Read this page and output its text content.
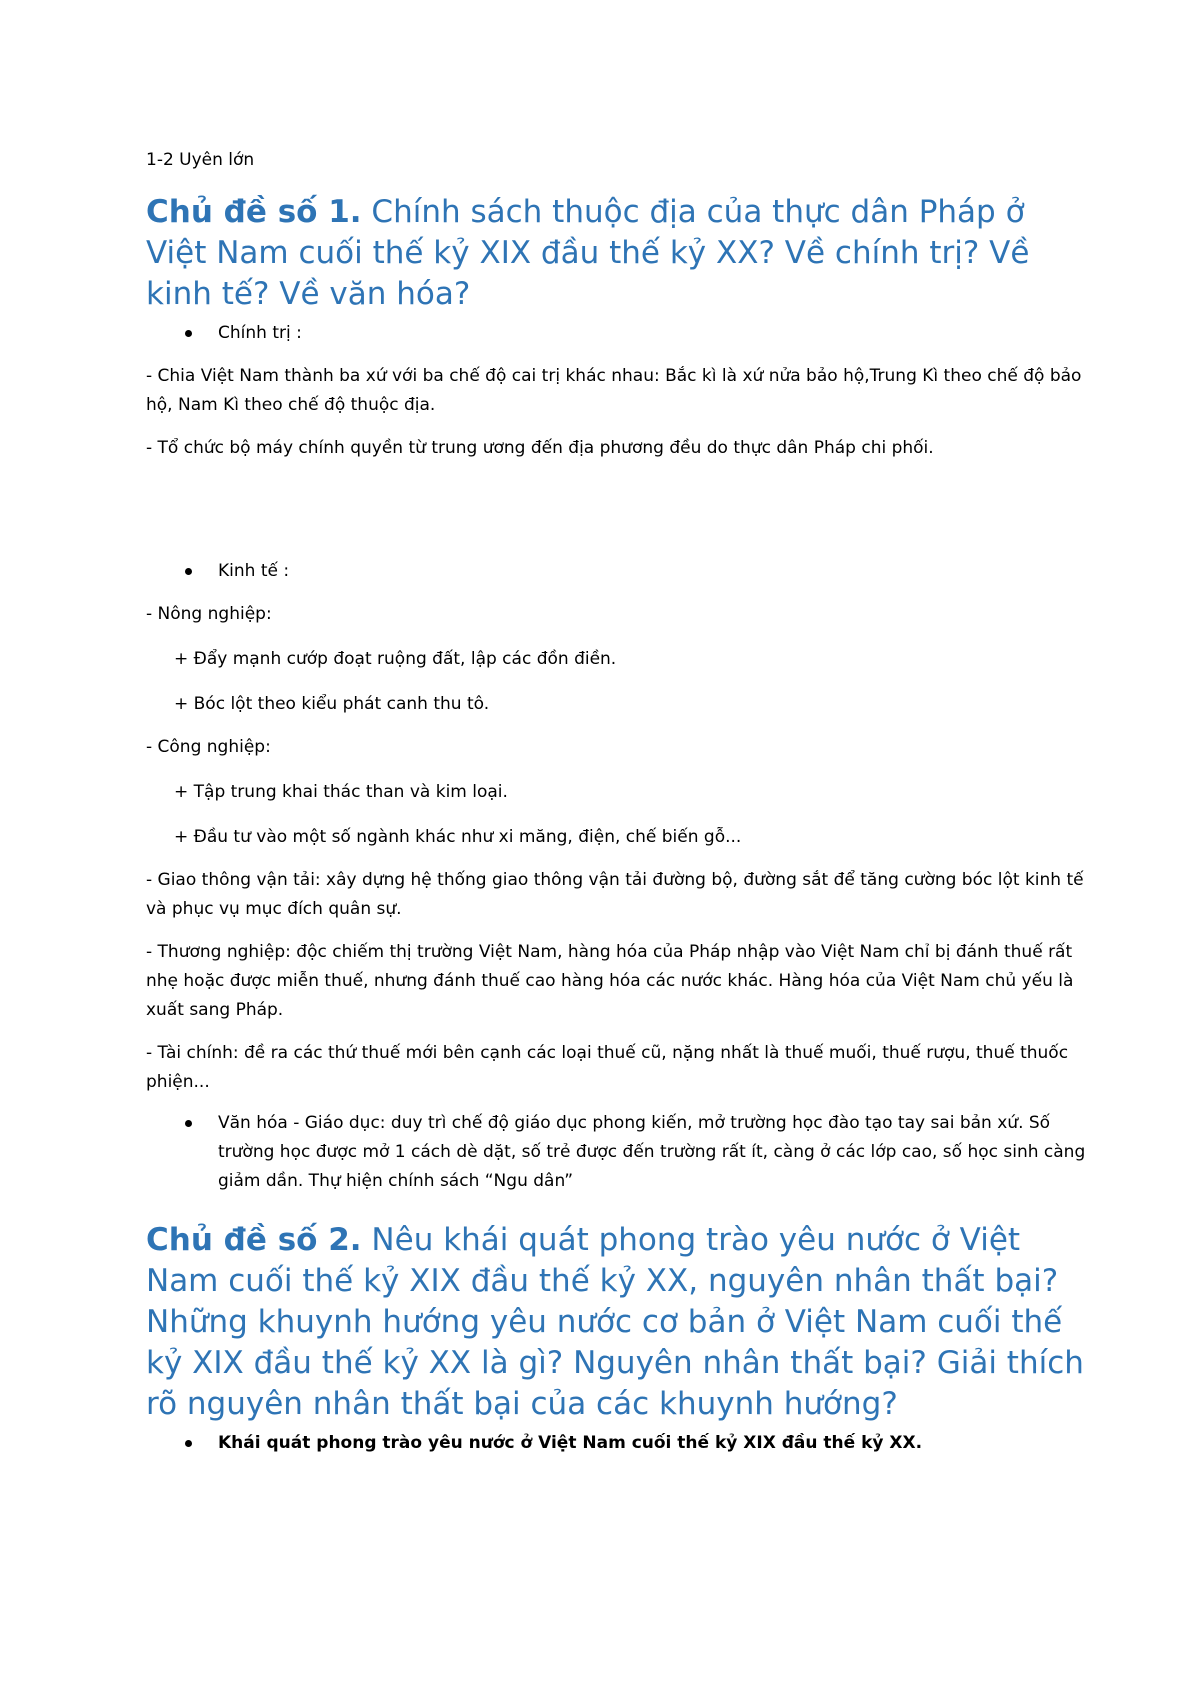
1-2 Uyên lớn
Chủ đề số 1. Chính sách thuộc địa của thực dân Pháp ở Việt Nam cuối thế kỷ XIX đầu thế kỷ XX? Về chính trị? Về kinh tế? Về văn hóa?
Chính trị :

- Chia Việt Nam thành ba xứ với ba chế độ cai trị khác nhau: Bắc kì là xứ nửa bảo hộ,Trung Kì theo chế độ bảo hộ, Nam Kì theo chế độ thuộc địa.

- Tổ chức bộ máy chính quyền từ trung ương đến địa phương đều do thực dân Pháp chi phối.

Kinh tế :

- Nông nghiệp:

+ Đẩy mạnh cướp đoạt ruộng đất, lập các đồn điền.

+ Bóc lột theo kiểu phát canh thu tô.

- Công nghiệp:

+ Tập trung khai thác than và kim loại.

+ Đầu tư vào một số ngành khác như xi măng, điện, chế biến gỗ...

- Giao thông vận tải: xây dựng hệ thống giao thông vận tải đường bộ, đường sắt để tăng cường bóc lột kinh tế và phục vụ mục đích quân sự.

- Thương nghiệp: độc chiếm thị trường Việt Nam, hàng hóa của Pháp nhập vào Việt Nam chỉ bị đánh thuế rất nhẹ hoặc được miễn thuế, nhưng đánh thuế cao hàng hóa các nước khác. Hàng hóa của Việt Nam chủ yếu là xuất sang Pháp.

- Tài chính: đề ra các thứ thuế mới bên cạnh các loại thuế cũ, nặng nhất là thuế muối, thuế rượu, thuế thuốc phiện...

Văn hóa - Giáo dục: duy trì chế độ giáo dục phong kiến, mở trường học đào tạo tay sai bản xứ. Số trường học được mở 1 cách dè dặt, số trẻ được đến trường rất ít, càng ở các lớp cao, số học sinh càng giảm dần. Thự hiện chính sách “Ngu dân”
Chủ đề số 2. Nêu khái quát phong trào yêu nước ở Việt Nam cuối thế kỷ XIX đầu thế kỷ XX, nguyên nhân thất bại? Những khuynh hướng yêu nước cơ bản ở Việt Nam cuối thế kỷ XIX đầu thế kỷ XX là gì? Nguyên nhân thất bại? Giải thích rõ nguyên nhân thất bại của các khuynh hướng?
Khái quát phong trào yêu nước ở Việt Nam cuối thế kỷ XIX đầu thế kỷ XX.
